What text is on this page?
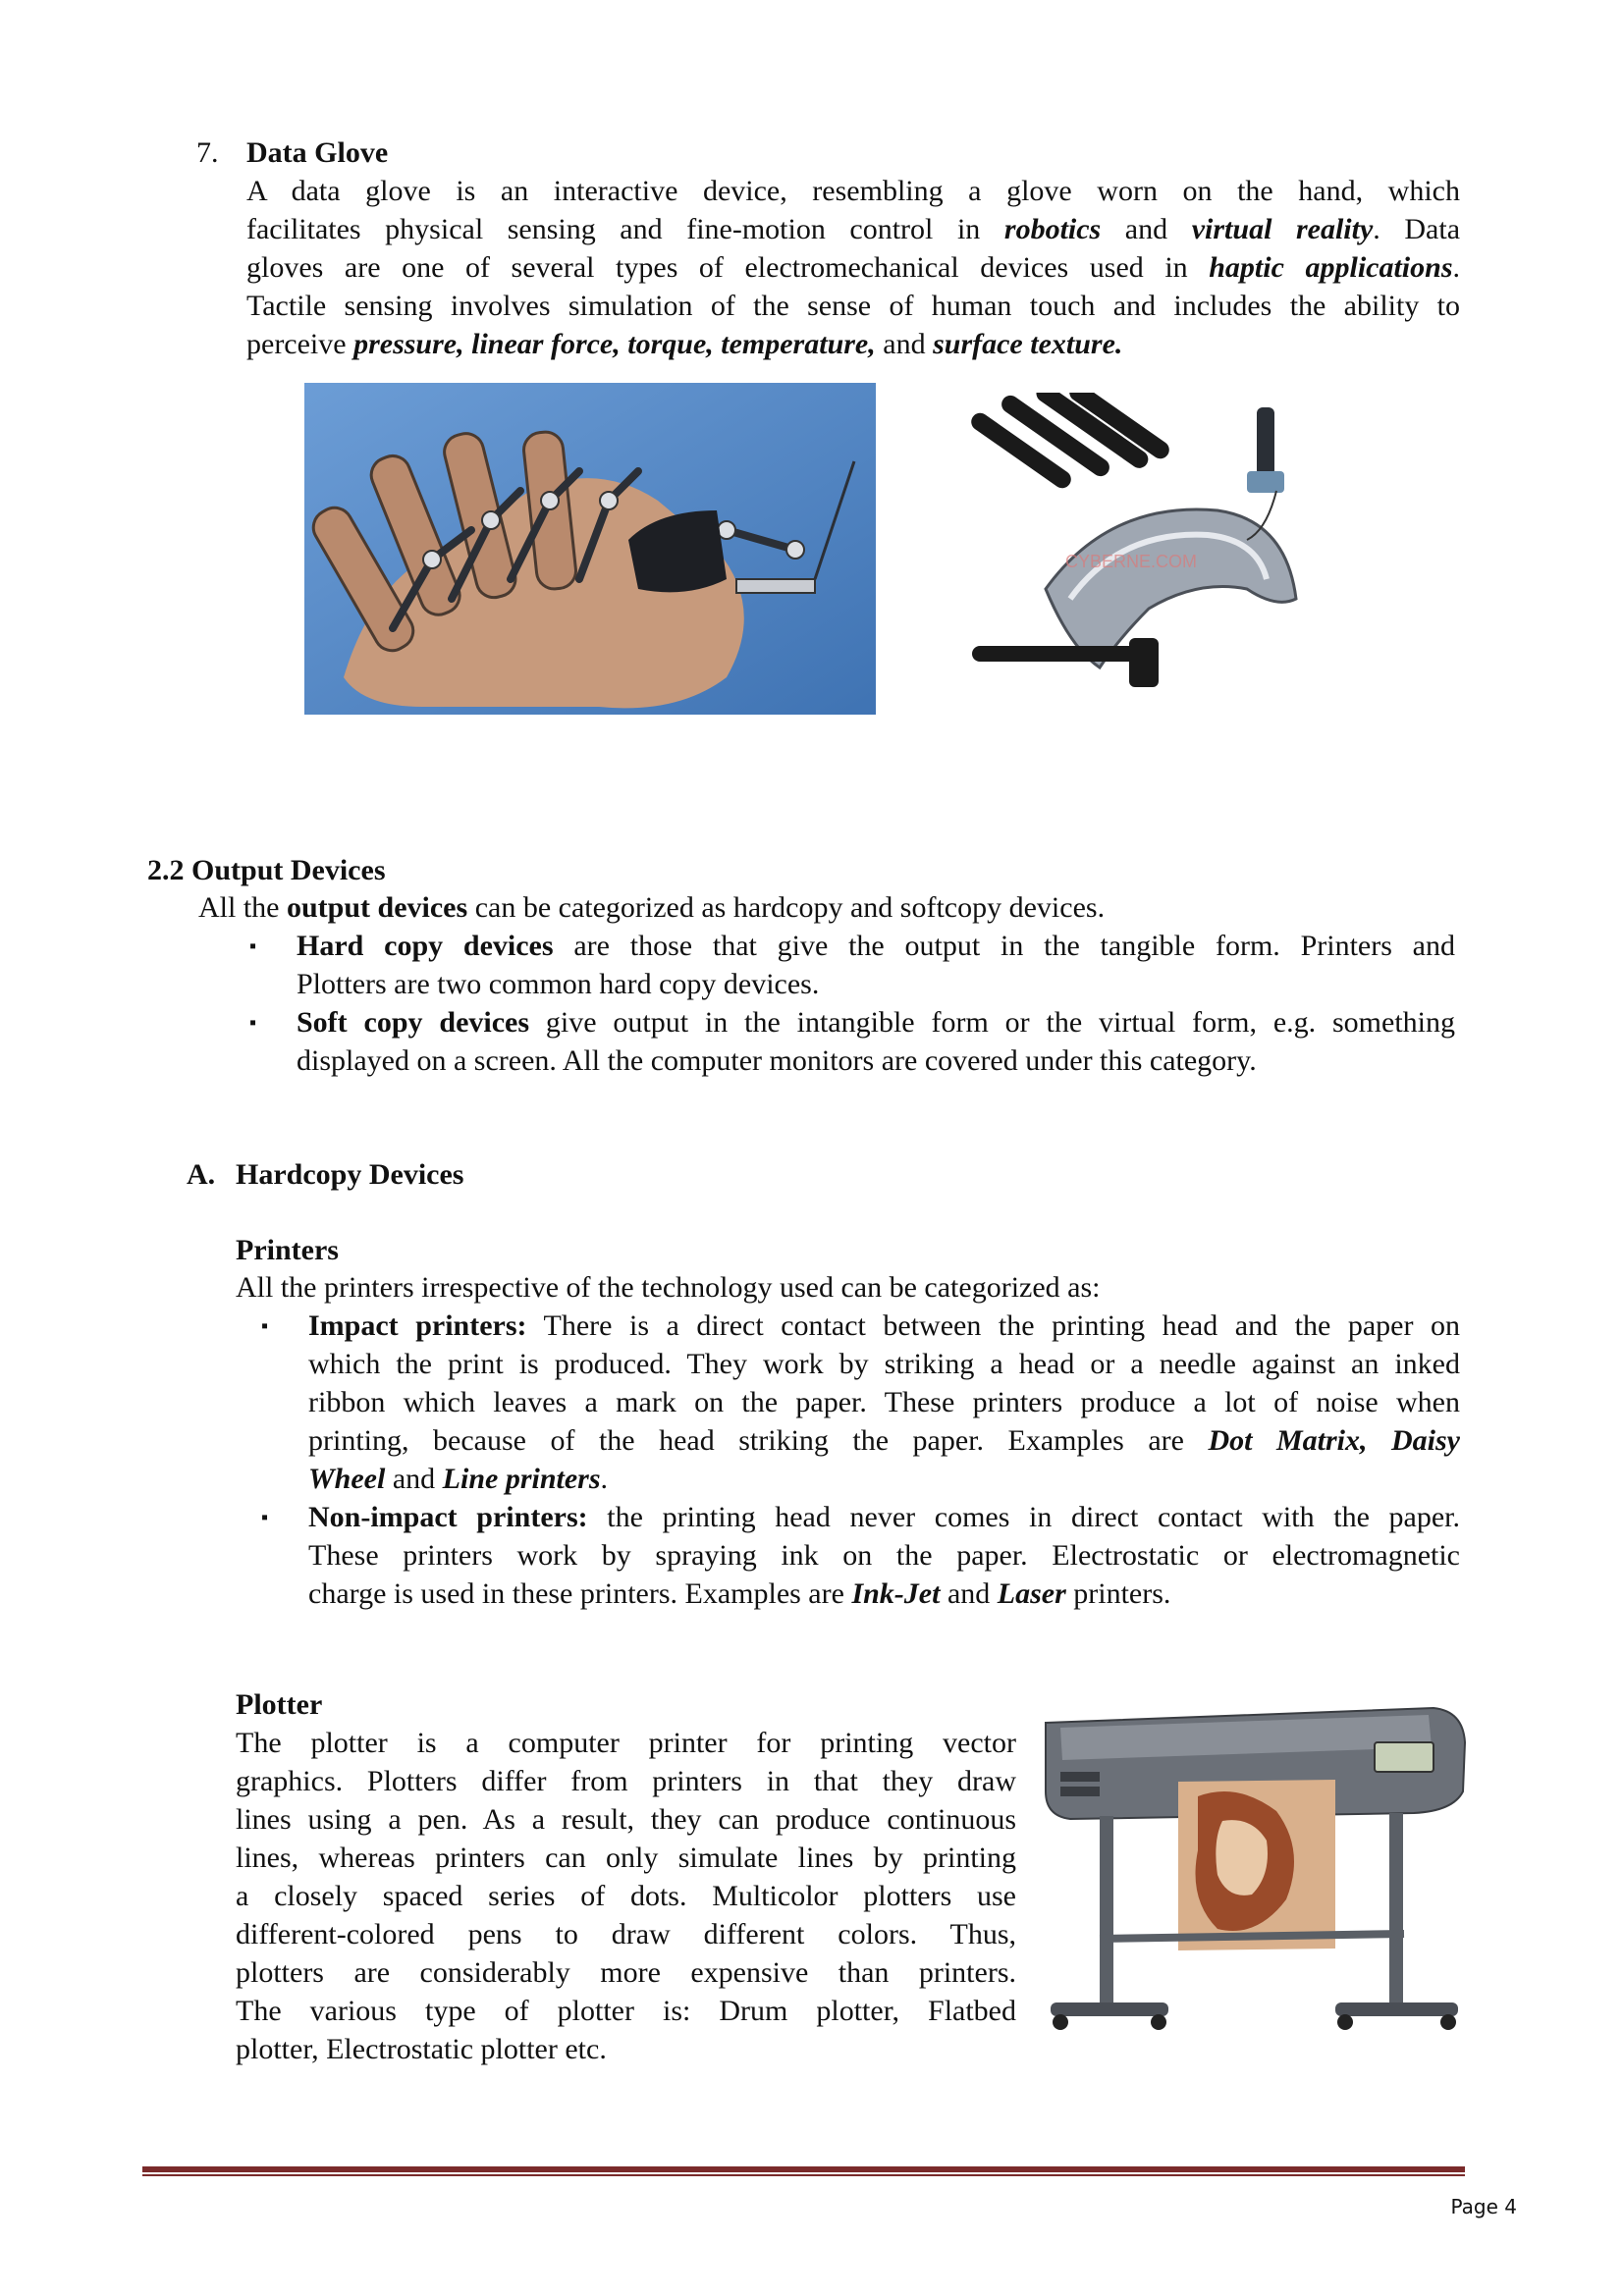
7. Data Glove
A data glove is an interactive device, resembling a glove worn on the hand, which
facilitates physical sensing and fine-motion control in robotics and virtual reality. Data
gloves are one of several types of electromechanical devices used in haptic applications.
Tactile sensing involves simulation of the sense of human touch and includes the ability to
perceive pressure, linear force, torque, temperature, and surface texture.
CYBERNE.COM
2.2 Output Devices
All the output devices can be categorized as hardcopy and softcopy devices.
▪ Hard copy devices are those that give the output in the tangible form. Printers and
Plotters are two common hard copy devices.
▪ Soft copy devices give output in the intangible form or the virtual form, e.g. something
displayed on a screen. All the computer monitors are covered under this category.
A. Hardcopy Devices
Printers
All the printers irrespective of the technology used can be categorized as:
▪ Impact printers: There is a direct contact between the printing head and the paper on
which the print is produced. They work by striking a head or a needle against an inked
ribbon which leaves a mark on the paper. These printers produce a lot of noise when
printing, because of the head striking the paper. Examples are Dot Matrix, Daisy
Wheel and Line printers.
▪ Non-impact printers: the printing head never comes in direct contact with the paper.
These printers work by spraying ink on the paper. Electrostatic or electromagnetic
charge is used in these printers. Examples are Ink-Jet and Laser printers.
Plotter
The plotter is a computer printer for printing vector
graphics. Plotters differ from printers in that they draw
lines using a pen. As a result, they can produce continuous
lines, whereas printers can only simulate lines by printing
a closely spaced series of dots. Multicolor plotters use
different-colored pens to draw different colors. Thus,
plotters are considerably more expensive than printers.
The various type of plotter is: Drum plotter, Flatbed
plotter, Electrostatic plotter etc.
Page 4
